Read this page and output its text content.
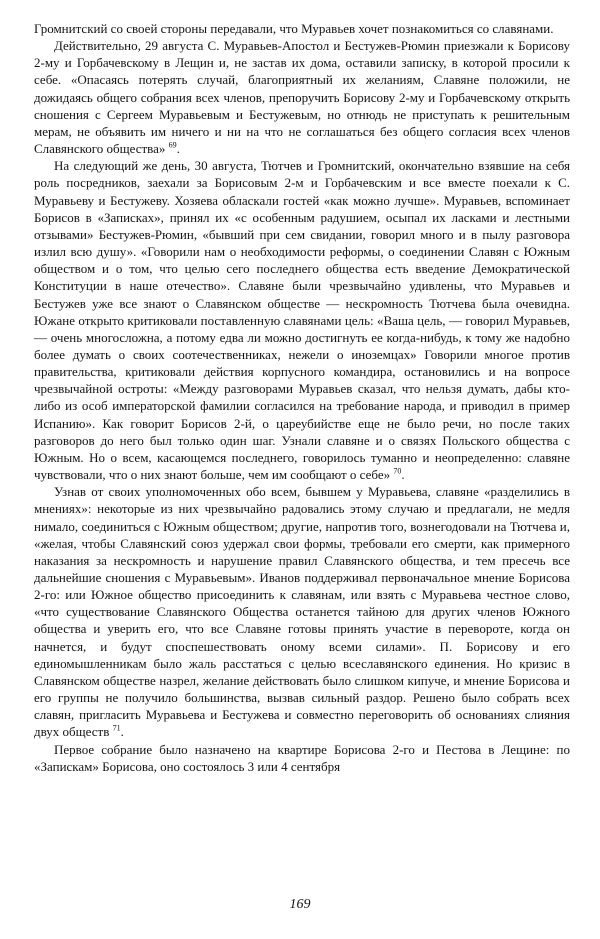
Громнитский со своей стороны передавали, что Муравьев хочет познакомиться со славянами.

Действительно, 29 августа С. Муравьев-Апостол и Бестужев-Рюмин приезжали к Борисову 2-му и Горбачевскому в Лещин и, не застав их дома, оставили записку, в которой просили к себе. «Опасаясь потерять случай, благоприятный их желаниям, Славяне положили, не дожидаясь общего собрания всех членов, препоручить Борисову 2-му и Горбачевскому открыть сношения с Сергеем Муравьевым и Бестужевым, но отнюдь не приступать к решительным мерам, не объявить им ничего и ни на что не соглашаться без общего согласия всех членов Славянского общества» $^{69}$.

На следующий же день, 30 августа, Тютчев и Громнитский, окончательно взявшие на себя роль посредников, заехали за Борисовым 2-м и Горбачевским и все вместе поехали к С. Муравьеву и Бестужеву. Хозяева обласкали гостей «как можно лучше». Муравьев, вспоминает Борисов в «Записках», принял их «с особенным радушием, осыпал их ласками и лестными отзывами» Бестужев-Рюмин, «бывший при сем свидании, говорил много и в пылу разговора излил всю душу». «Говорили нам о необходимости реформы, о соединении Славян с Южным обществом и о том, что целью сего последнего общества есть введение Демократической Конституции в наше отечество». Славяне были чрезвычайно удивлены, что Муравьев и Бестужев уже все знают о Славянском обществе — нескромность Тютчева была очевидна. Южане открыто критиковали поставленную славянами цель: «Ваша цель, — говорил Муравьев, — очень многосложна, а потому едва ли можно достигнуть ее когда-нибудь, к тому же надобно более думать о своих соотечественниках, нежели о иноземцах» Говорили многое против правительства, критиковали действия корпусного командира, остановились и на вопросе чрезвычайной остроты: «Между разговорами Муравьев сказал, что нельзя думать, дабы кто-либо из особ императорской фамилии согласился на требование народа, и приводил в пример Испанию». Как говорит Борисов 2-й, о цареубийстве еще не было речи, но после таких разговоров до него был только один шаг. Узнали славяне и о связях Польского общества с Южным. Но о всем, касающемся последнего, говорилось туманно и неопределенно: славяне чувствовали, что о них знают больше, чем им сообщают о себе» $^{70}$.

Узнав от своих уполномоченных обо всем, бывшем у Муравьева, славяне «разделились в мнениях»: некоторые из них чрезвычайно радовались этому случаю и предлагали, не медля нимало, соединиться с Южным обществом; другие, напротив того, вознегодовали на Тютчева и, «желая, чтобы Славянский союз удержал свои формы, требовали его смерти, как примерного наказания за нескромность и нарушение правил Славянского общества, и тем пресечь все дальнейшие сношения с Муравьевым». Иванов поддерживал первоначальное мнение Борисова 2-го: или Южное общество присоединить к славянам, или взять с Муравьева честное слово, «что существование Славянского Общества останется тайною для других членов Южного общества и уверить его, что все Славяне готовы принять участие в перевороте, когда он начнется, и будут споспешествовать оному всеми силами». П. Борисову и его единомышленникам было жаль расстаться с целью всеславянского единения. Но кризис в Славянском обществе назрел, желание действовать было слишком кипуче, и мнение Борисова и его группы не получило большинства, вызвав сильный раздор. Решено было собрать всех славян, пригласить Муравьева и Бестужева и совместно переговорить об основаниях слияния двух обществ $^{71}$.

Первое собрание было назначено на квартире Борисова 2-го и Пестова в Лещине: по «Запискам» Борисова, оно состоялось 3 или 4 сентября

169
